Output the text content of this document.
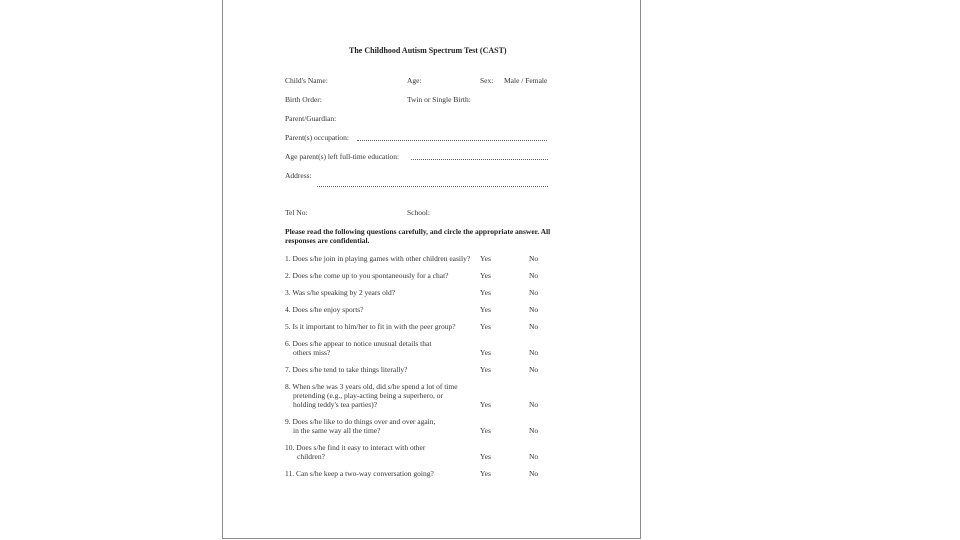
The Childhood Autism Spectrum Test (CAST)
Child's Name:	Age:	Sex: Male / Female
Birth Order:	Twin or Single Birth:
Parent/Guardian:
Parent(s) occupation:
Age parent(s) left full-time education:
Address:
Tel No:	School:
Please read the following questions carefully, and circle the appropriate answer. All
responses are confidential.
1. Does s/he join in playing games with other children easily? Yes	No
2. Does s/he come up to you spontaneously for a chat?	Yes	No
3. Was s/he speaking by 2 years old?	Yes	No
4. Does s/he enjoy sports?	Yes	No
5. Is it important to him/her to fit in with the peer group?	Yes	No
6. Does s/he appear to notice unusual details that
others miss?	Yes	No
7. Does s/he tend to take things literally?	Yes	No
8. When s/he was 3 years old, did s/he spend a lot of time
pretending (e.g., play-acting being a superhero, or
holding teddy's tea parties)?	Yes	No
9. Does s/he like to do things over and over again,
in the same way all the time?	Yes	No
10. Does s/he find it easy to interact with other
children?	Yes	No
11. Can s/he keep a two-way conversation going?	Yes	No
